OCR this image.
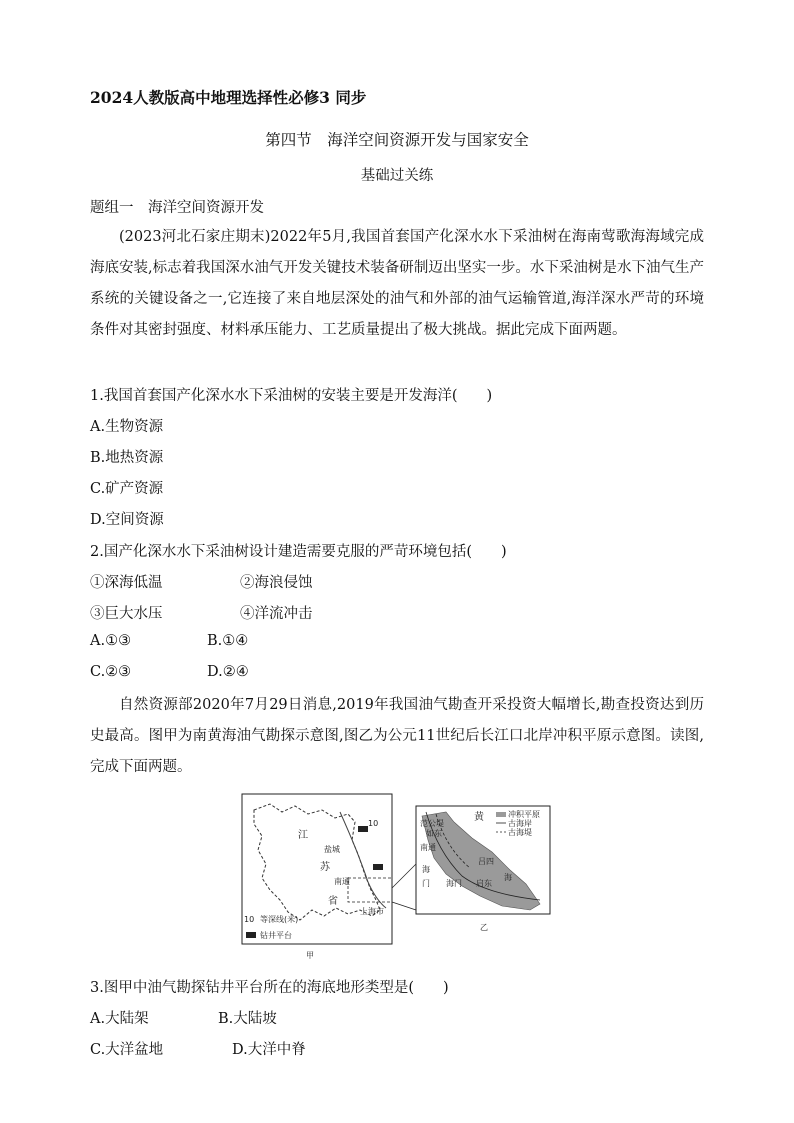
2024人教版高中地理选择性必修3 同步
第四节　海洋空间资源开发与国家安全
基础过关练
题组一　海洋空间资源开发
(2023河北石家庄期末)2022年5月,我国首套国产化深水水下采油树在海南莺歌海海域完成海底安装,标志着我国深水油气开发关键技术装备研制迈出坚实一步。水下采油树是水下油气生产系统的关键设备之一,它连接了来自地层深处的油气和外部的油气运输管道,海洋深水严苛的环境条件对其密封强度、材料承压能力、工艺质量提出了极大挑战。据此完成下面两题。
1.我国首套国产化深水水下采油树的安装主要是开发海洋(　　)
A.生物资源
B.地热资源
C.矿产资源
D.空间资源
2.国产化深水水下采油树设计建造需要克服的严苛环境包括(　　)
①深海低温	②海浪侵蚀
③巨大水压	④洋流冲击
A.①③	B.①④
C.②③	D.②④
自然资源部2020年7月29日消息,2019年我国油气勘查开采投资大幅增长,勘查投资达到历史最高。图甲为南黄海油气勘探示意图,图乙为公元11世纪后长江口北岸冲积平原示意图。读图,完成下面两题。
江
苏
盐城
省
南通
上海市
10
10 等深线(米)
钻井平台
甲
范公堤
如东
南通
海
门
黄
海
吕四
启东
海门
冲积平原
古海岸
古海堤
乙
3.图甲中油气勘探钻井平台所在的海底地形类型是(　　)
A.大陆架	B.大陆坡
C.大洋盆地	D.大洋中脊
